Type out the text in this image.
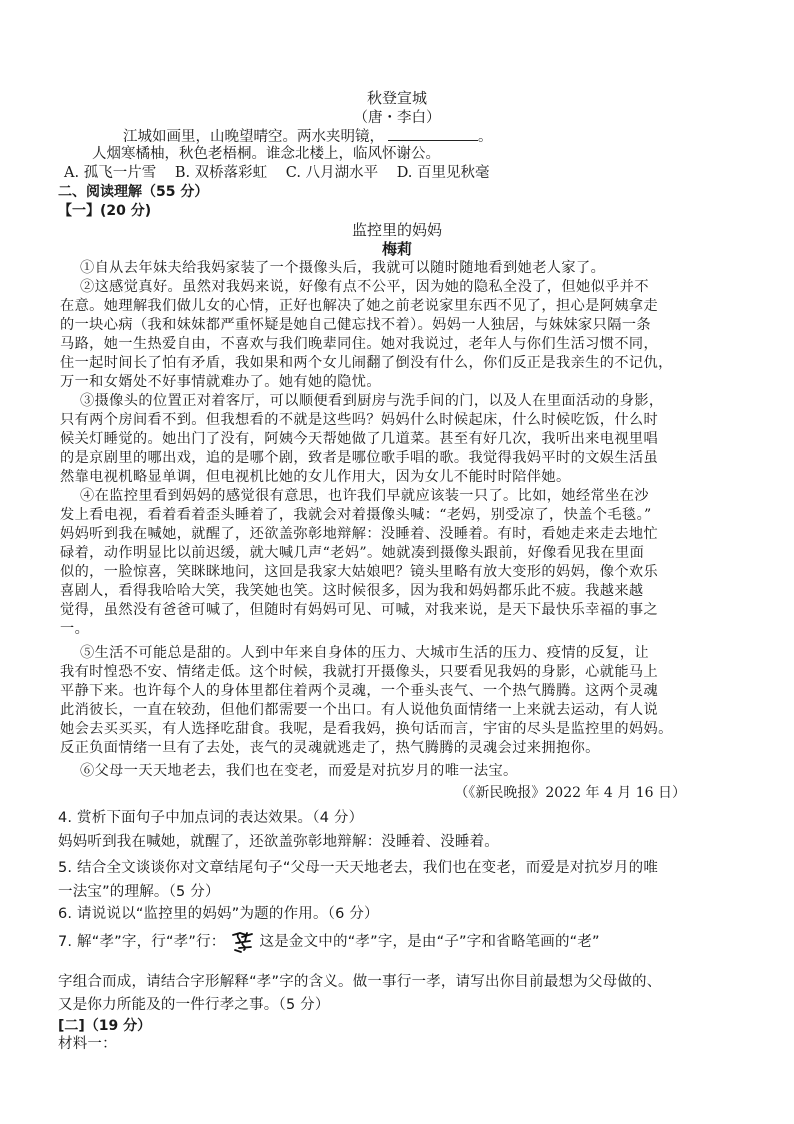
秋登宣城
（唐・李白）
江城如画里，山晚望晴空。两水夹明镜，	。
人烟寒橘柚，秋色老梧桐。谁念北楼上，临风怀谢公。
A. 孤飞一片雪 B. 双桥落彩虹 C. 八月湖水平 D. 百里见秋毫
二、阅读理解（55 分）
【一】(20 分)
监控里的妈妈
梅莉
①自从去年妹夫给我妈家装了一个摄像头后，我就可以随时随地看到她老人家了。
②这感觉真好。虽然对我妈来说，好像有点不公平，因为她的隐私全没了，但她似乎并不
在意。她理解我们做儿女的心情，正好也解决了她之前老说家里东西不见了，担心是阿姨拿走
的一块心病（我和妹妹都严重怀疑是她自己健忘找不着）。妈妈一人独居，与妹妹家只隔一条
马路，她一生热爱自由，不喜欢与我们晚辈同住。她对我说过，老年人与你们生活习惯不同，
住一起时间长了怕有矛盾，我如果和两个女儿闹翻了倒没有什么，你们反正是我亲生的不记仇，
万一和女婿处不好事情就难办了。她有她的隐忧。
③摄像头的位置正对着客厅，可以顺便看到厨房与洗手间的门，以及人在里面活动的身影，
只有两个房间看不到。但我想看的不就是这些吗？妈妈什么时候起床，什么时候吃饭，什么时
候关灯睡觉的。她出门了没有，阿姨今天帮她做了几道菜。甚至有好几次，我听出来电视里唱
的是京剧里的哪出戏，追的是哪个剧，致者是哪位歌手唱的歌。我觉得我妈平时的文娱生活虽
然靠电视机略显单调，但电视机比她的女儿作用大，因为女儿不能时时陪伴她。
④在监控里看到妈妈的感觉很有意思，也许我们早就应该装一只了。比如，她经常坐在沙
发上看电视，看着看着歪头睡着了，我就会对着摄像头喊：“老妈，别受凉了，快盖个毛毯。”
妈妈听到我在喊她，就醒了，还欲盖弥彰地辩解：没睡着、没睡着。有时，看她走来走去地忙
碌着，动作明显比以前迟缓，就大喊几声“老妈”。她就凑到摄像头跟前，好像看见我在里面
似的，一脸惊喜，笑眯眯地问，这回是我家大姑娘吧？镜头里略有放大变形的妈妈，像个欢乐
喜剧人，看得我哈哈大笑，我笑她也笑。这时候很多，因为我和妈妈都乐此不疲。我越来越
觉得，虽然没有爸爸可喊了，但随时有妈妈可见、可喊，对我来说，是天下最快乐幸福的事之
一。
⑤生活不可能总是甜的。人到中年来自身体的压力、大城市生活的压力、疫情的反复，让
我有时惶恐不安、情绪走低。这个时候，我就打开摄像头，只要看见我妈的身影，心就能马上
平静下来。也许每个人的身体里都住着两个灵魂，一个垂头丧气、一个热气腾腾。这两个灵魂
此消彼长，一直在较劲，但他们都需要一个出口。有人说他负面情绪一上来就去运动，有人说
她会去买买买，有人选择吃甜食。我呢，是看我妈，换句话而言，宇宙的尽头是监控里的妈妈。
反正负面情绪一旦有了去处，丧气的灵魂就逃走了，热气腾腾的灵魂会过来拥抱你。
⑥父母一天天地老去，我们也在变老，而爱是对抗岁月的唯一法宝。
（《新民晚报》2022 年 4 月 16 日）
4. 赏析下面句子中加点词的表达效果。（4 分）
妈妈听到我在喊她，就醒了，还欲盖弥彰地辩解：没睡着、没睡着。
5. 结合全文谈谈你对文章结尾句子“父母一天天地老去，我们也在变老，而爱是对抗岁月的唯
一法宝”的理解。（5 分）
6. 请说说以“监控里的妈妈”为题的作用。（6 分）
7. 解“孝”字，行“孝”行： 这是金文中的“孝”字，是由“子”字和省略笔画的“老”
字组合而成，请结合字形解释“孝”字的含义。做一事行一孝，请写出你目前最想为父母做的、
又是你力所能及的一件行孝之事。（5 分）
[二]（19 分）
材料一：
